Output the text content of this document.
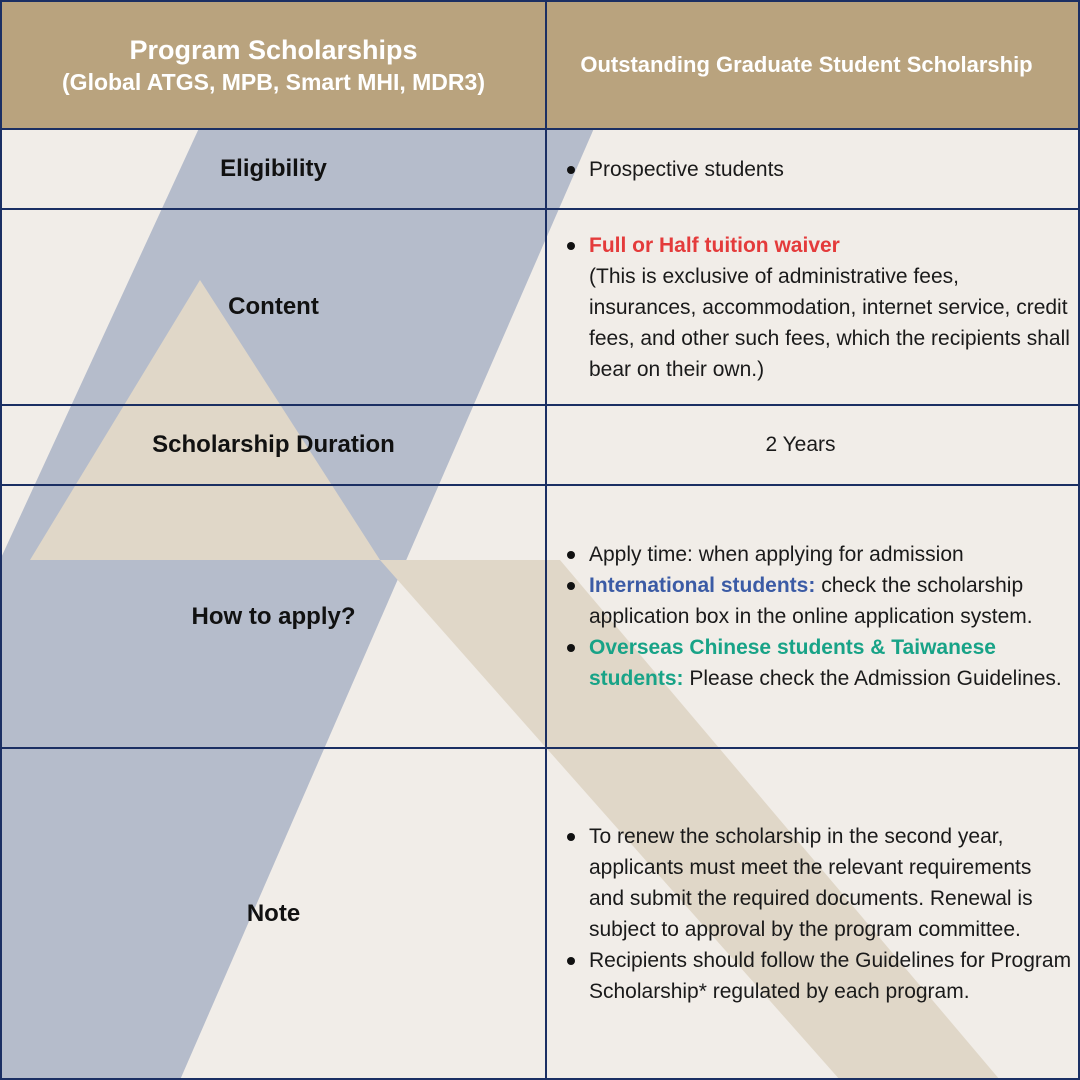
Program Scholarships
(Global ATGS, MPB, Smart MHI, MDR3)
Outstanding Graduate Student Scholarship
Eligibility	Prospective students
Content
Full or Half tuition waiver
(This is exclusive of administrative fees, insurances, accommodation, internet service, credit fees, and other such fees, which the recipients shall bear on their own.)
Scholarship Duration	2 Years
How to apply?
Apply time: when applying for admission
International students: check the scholarship application box in the online application system.
Overseas Chinese students & Taiwanese students: Please check the Admission Guidelines.
Note
To renew the scholarship in the second year, applicants must meet the relevant requirements and submit the required documents. Renewal is subject to approval by the program committee.
Recipients should follow the Guidelines for Program Scholarship* regulated by each program.
